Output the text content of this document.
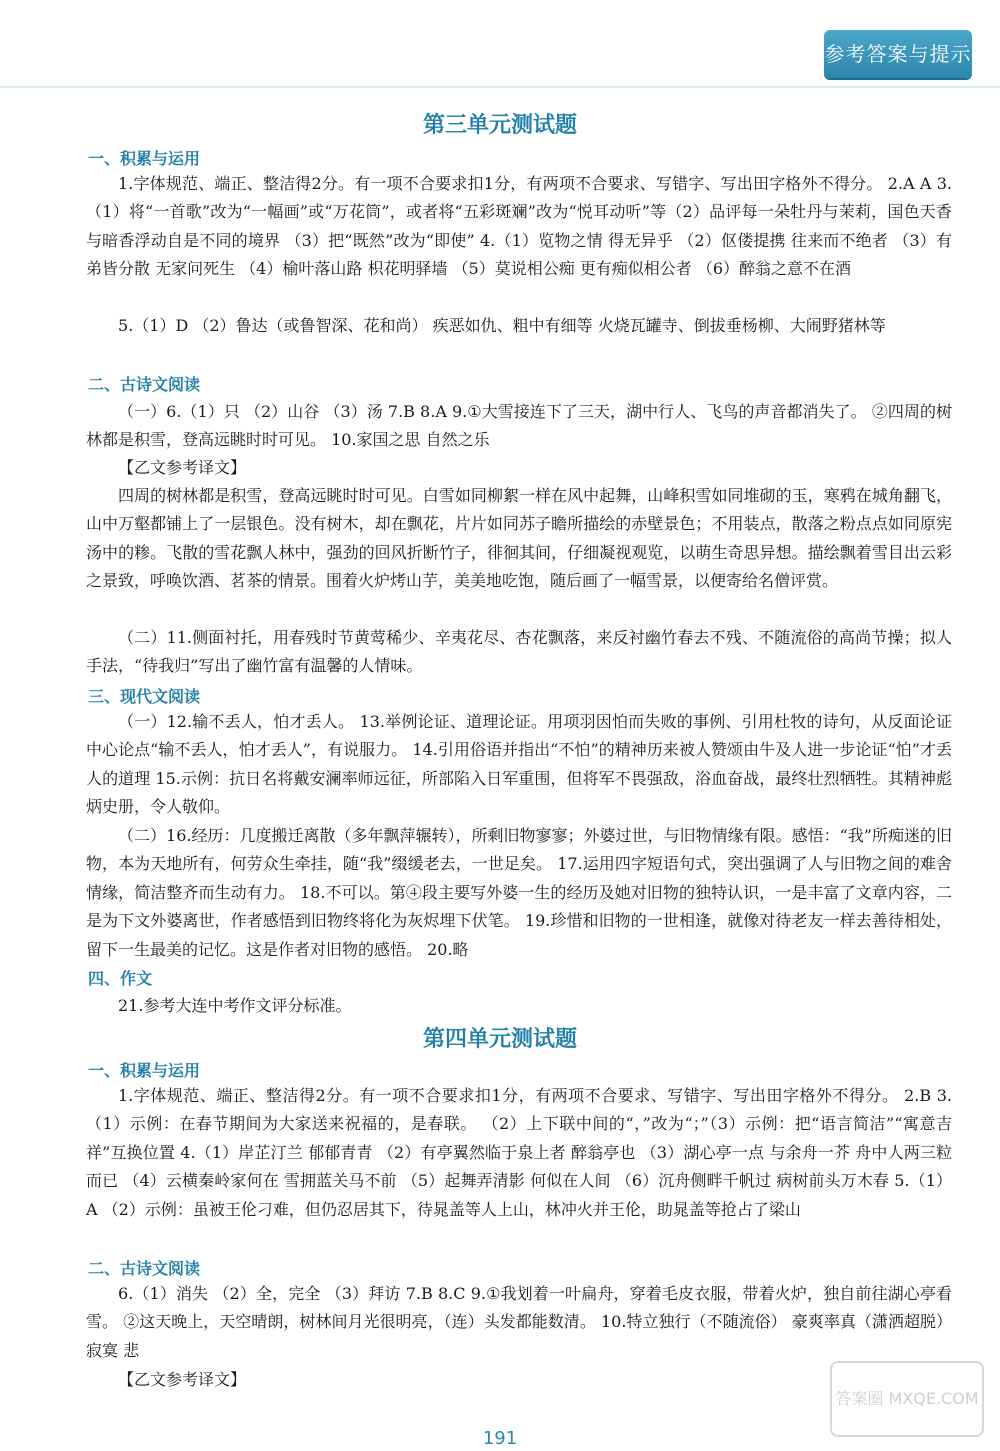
参考答案与提示
第三单元测试题
一、积累与运用

1.字体规范、端正、整洁得2分。有一项不合要求扣1分，有两项不合要求、写错字、写出田字格外不得分。 2.A A 3.（1）将“一首歌”改为“一幅画”或“万花筒”，或者将“五彩斑斓”改为“悦耳动听”等（2）品评每一朵牡丹与茉莉，国色天香与暗香浮动自是不同的境界 （3）把“既然”改为“即使” 4.（1）览物之情 得无异乎 （2）伛偻提携 往来而不绝者 （3）有弟皆分散 无家问死生 （4）榆叶落山路 枳花明驿墙 （5）莫说相公痴 更有痴似相公者 （6）醉翁之意不在酒

5.（1）D （2）鲁达（或鲁智深、花和尚） 疾恶如仇、粗中有细等 火烧瓦罐寺、倒拔垂杨柳、大闹野猪林等

二、古诗文阅读

（一）6.（1）只 （2）山谷 （3）汤 7.B 8.A 9.①大雪接连下了三天，湖中行人、飞鸟的声音都消失了。 ②四周的树林都是积雪，登高远眺时时可见。 10.家国之思 自然之乐

【乙文参考译文】

四周的树林都是积雪，登高远眺时时可见。白雪如同柳絮一样在风中起舞，山峰积雪如同堆砌的玉，寒鸦在城角翻飞，山中万壑都铺上了一层银色。没有树木，却在飘花，片片如同苏子瞻所描绘的赤壁景色；不用装点，散落之粉点点如同原宪汤中的糁。飞散的雪花飘人林中，强劲的回风折断竹子，徘徊其间，仔细凝视观览，以萌生奇思异想。描绘飘着雪目出云彩之景致，呼唤饮酒、茗茶的情景。围着火炉烤山芋，美美地吃饱，随后画了一幅雪景，以便寄给名僧评赏。

（二）11.侧面衬托，用春残时节黄莺稀少、辛夷花尽、杏花飘落，来反衬幽竹春去不残、不随流俗的高尚节操；拟人手法，“待我归”写出了幽竹富有温馨的人情味。

三、现代文阅读

（一）12.输不丢人，怕才丢人。 13.举例论证、道理论证。用项羽因怕而失败的事例、引用杜牧的诗句，从反面论证中心论点“输不丢人，怕才丢人”，有说服力。 14.引用俗语并指出“不怕”的精神历来被人赞颂由牛及人进一步论证“怕”才丢人的道理 15.示例：抗日名将戴安澜率师远征，所部陷入日军重围，但将军不畏强敌，浴血奋战，最终壮烈牺牲。其精神彪炳史册，令人敬仰。

（二）16.经历：几度搬迁离散（多年飘萍辗转），所剩旧物寥寥；外婆过世，与旧物情缘有限。感悟：“我”所痴迷的旧物，本为天地所有，何劳众生牵挂，随“我”缀缓老去，一世足矣。 17.运用四字短语句式，突出强调了人与旧物之间的难舍情缘，简洁整齐而生动有力。 18.不可以。第④段主要写外婆一生的经历及她对旧物的独特认识，一是丰富了文章内容，二是为下文外婆离世，作者感悟到旧物终将化为灰烬埋下伏笔。 19.珍惜和旧物的一世相逢，就像对待老友一样去善待相处，留下一生最美的记忆。这是作者对旧物的感悟。 20.略

四、作文

21.参考大连中考作文评分标准。

第四单元测试题
一、积累与运用

1.字体规范、端正、整洁得2分。有一项不合要求扣1分，有两项不合要求、写错字、写出田字格外不得分。 2.B 3.（1）示例：在春节期间为大家送来祝福的，是春联。 （2）上下联中间的“，”改为“；”（3）示例：把“语言简洁”“寓意吉祥”互换位置 4.（1）岸芷汀兰 郁郁青青 （2）有亭翼然临于泉上者 醉翁亭也 （3）湖心亭一点 与余舟一芥 舟中人两三粒而已 （4）云横秦岭家何在 雪拥蓝关马不前 （5）起舞弄清影 何似在人间 （6）沉舟侧畔千帆过 病树前头万木春 5.（1）A （2）示例：虽被王伦刁难，但仍忍居其下，待晁盖等人上山，林冲火并王伦，助晁盖等抢占了梁山

二、古诗文阅读

6.（1）消失 （2）全，完全 （3）拜访 7.B 8.C 9.①我划着一叶扁舟，穿着毛皮衣服，带着火炉，独自前往湖心亭看雪。 ②这天晚上，天空晴朗，树林间月光很明亮，（连）头发都能数清。 10.特立独行（不随流俗） 豪爽率真（潇洒超脱） 寂寞 悲

【乙文参考译文】

191
答案圈 MXQE.COM
